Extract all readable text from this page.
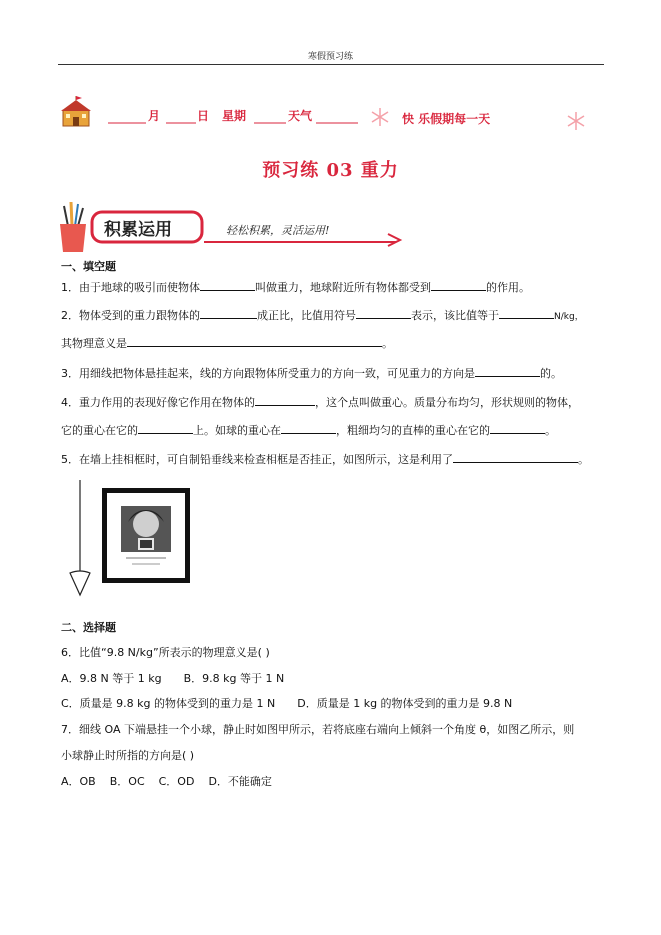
寒假预习练
月	日 星期	天气	快 乐假期每一天
预习练 03 重力
积累运用	轻松积累，灵活运用!
一、填空题
1．由于地球的吸引而使物体	叫做重力，地球附近所有物体都受到	的作用。
2．物体受到的重力跟物体的	成正比，比值用符号	表示，该比值等于	N/kg，
其物理意义是	。
3．用细线把物体悬挂起来，线的方向跟物体所受重力的方向一致，可见重力的方向是	的。
4．重力作用的表现好像它作用在物体的	，这个点叫做重心。质量分布均匀，形状规则的物体，
它的重心在它的	上。如球的重心在	，粗细均匀的直棒的重心在它的	。
5．在墙上挂相框时，可自制铅垂线来检查相框是否挂正，如图所示，这是利用了	。
二、选择题
6．比值“9.8 N/kg”所表示的物理意义是( )
A．9.8 N 等于 1 kg B．9.8 kg 等于 1 N
C．质量是 9.8 kg 的物体受到的重力是 1 N D．质量是 1 kg 的物体受到的重力是 9.8 N
7．细线 OA 下端悬挂一个小球，静止时如图甲所示，若将底座右端向上倾斜一个角度 θ，如图乙所示，则
小球静止时所指的方向是( )
A．OB B．OC C．OD D．不能确定
